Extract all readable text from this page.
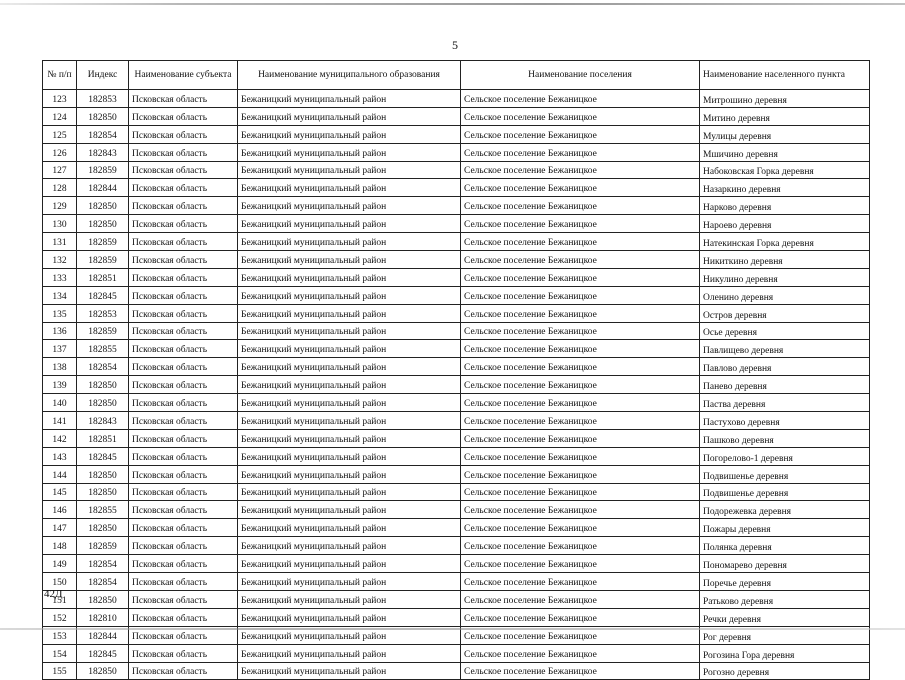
5
№ п/п	Индекс	Наименование субъекта	Наименование муниципального образования	Наименование поселения	Наименование населенного пункта
123	182853	Псковская область	Бежаницкий муниципальный район	Сельское поселение Бежаницкое	Митрошино деревня
124	182850	Псковская область	Бежаницкий муниципальный район	Сельское поселение Бежаницкое	Митино деревня
125	182854	Псковская область	Бежаницкий муниципальный район	Сельское поселение Бежаницкое	Мулицы деревня
126	182843	Псковская область	Бежаницкий муниципальный район	Сельское поселение Бежаницкое	Мшичино деревня
127	182859	Псковская область	Бежаницкий муниципальный район	Сельское поселение Бежаницкое	Набоковская Горка деревня
128	182844	Псковская область	Бежаницкий муниципальный район	Сельское поселение Бежаницкое	Назаркино деревня
129	182850	Псковская область	Бежаницкий муниципальный район	Сельское поселение Бежаницкое	Нарково деревня
130	182850	Псковская область	Бежаницкий муниципальный район	Сельское поселение Бежаницкое	Нароево деревня
131	182859	Псковская область	Бежаницкий муниципальный район	Сельское поселение Бежаницкое	Натекинская Горка деревня
132	182859	Псковская область	Бежаницкий муниципальный район	Сельское поселение Бежаницкое	Никиткино деревня
133	182851	Псковская область	Бежаницкий муниципальный район	Сельское поселение Бежаницкое	Никулино деревня
134	182845	Псковская область	Бежаницкий муниципальный район	Сельское поселение Бежаницкое	Оленино деревня
135	182853	Псковская область	Бежаницкий муниципальный район	Сельское поселение Бежаницкое	Остров деревня
136	182859	Псковская область	Бежаницкий муниципальный район	Сельское поселение Бежаницкое	Осье деревня
137	182855	Псковская область	Бежаницкий муниципальный район	Сельское поселение Бежаницкое	Павлищево деревня
138	182854	Псковская область	Бежаницкий муниципальный район	Сельское поселение Бежаницкое	Павлово деревня
139	182850	Псковская область	Бежаницкий муниципальный район	Сельское поселение Бежаницкое	Панево деревня
140	182850	Псковская область	Бежаницкий муниципальный район	Сельское поселение Бежаницкое	Паства деревня
141	182843	Псковская область	Бежаницкий муниципальный район	Сельское поселение Бежаницкое	Пастухово деревня
142	182851	Псковская область	Бежаницкий муниципальный район	Сельское поселение Бежаницкое	Пашково деревня
143	182845	Псковская область	Бежаницкий муниципальный район	Сельское поселение Бежаницкое	Погорелово-1 деревня
144	182850	Псковская область	Бежаницкий муниципальный район	Сельское поселение Бежаницкое	Подвишенье деревня
145	182850	Псковская область	Бежаницкий муниципальный район	Сельское поселение Бежаницкое	Подвишенье деревня
146	182855	Псковская область	Бежаницкий муниципальный район	Сельское поселение Бежаницкое	Подорежевка деревня
147	182850	Псковская область	Бежаницкий муниципальный район	Сельское поселение Бежаницкое	Пожары деревня
148	182859	Псковская область	Бежаницкий муниципальный район	Сельское поселение Бежаницкое	Полянка деревня
149	182854	Псковская область	Бежаницкий муниципальный район	Сельское поселение Бежаницкое	Пономарево деревня
150	182854	Псковская область	Бежаницкий муниципальный район	Сельское поселение Бежаницкое	Поречье деревня
151	182850	Псковская область	Бежаницкий муниципальный район	Сельское поселение Бежаницкое	Ратьково деревня
152	182810	Псковская область	Бежаницкий муниципальный район	Сельское поселение Бежаницкое	Речки деревня
153	182844	Псковская область	Бежаницкий муниципальный район	Сельское поселение Бежаницкое	Рог деревня
154	182845	Псковская область	Бежаницкий муниципальный район	Сельское поселение Бежаницкое	Рогозина Гора деревня
155	182850	Псковская область	Бежаницкий муниципальный район	Сельское поселение Бежаницкое	Рогозно деревня
42Д
